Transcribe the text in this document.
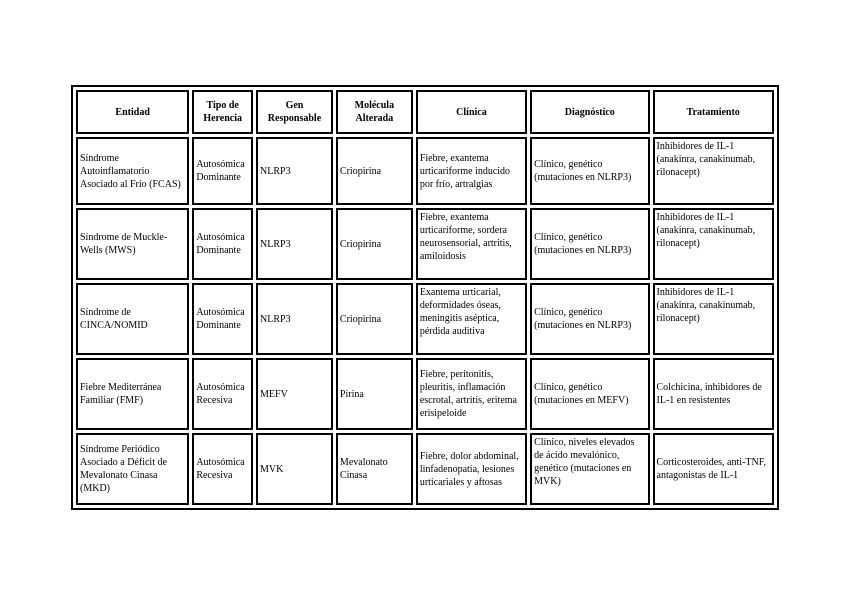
Entidad	Tipo de Herencia	Gen Responsable	Molécula Alterada	Clínica	Diagnóstico	Tratamiento
Síndrome Autoinflamatorio Asociado al Frío (FCAS)	Autosómica Dominante	NLRP3	Criopirina	Fiebre, exantema urticariforme inducido por frío, artralgias	Clínico, genético (mutaciones en NLRP3)	Inhibidores de IL-1 (anakinra, canakinumab, rilonacept)
Síndrome de Muckle-Wells (MWS)	Autosómica Dominante	NLRP3	Criopirina	Fiebre, exantema urticariforme, sordera neurosensorial, artritis, amiloidosis	Clínico, genético (mutaciones en NLRP3)	Inhibidores de IL-1 (anakinra, canakinumab, rilonacept)
Síndrome de CINCA/NOMID	Autosómica Dominante	NLRP3	Criopirina	Exantema urticarial, deformidades óseas, meningitis aséptica, pérdida auditiva	Clínico, genético (mutaciones en NLRP3)	Inhibidores de IL-1 (anakinra, canakinumab, rilonacept)
Fiebre Mediterránea Familiar (FMF)	Autosómica Recesiva	MEFV	Pirina	Fiebre, peritonitis, pleuritis, inflamación escrotal, artritis, eritema erisipeloide	Clínico, genético (mutaciones en MEFV)	Colchicina, inhibidores de IL-1 en resistentes
Síndrome Periódico Asociado a Déficit de Mevalonato Cinasa (MKD)	Autosómica Recesiva	MVK	Mevalonato Cinasa	Fiebre, dolor abdominal, linfadenopatía, lesiones urticariales y aftosas	Clínico, niveles elevados de ácido mevalónico, genético (mutaciones en MVK)	Corticosteroides, anti-TNF, antagonistas de IL-1
